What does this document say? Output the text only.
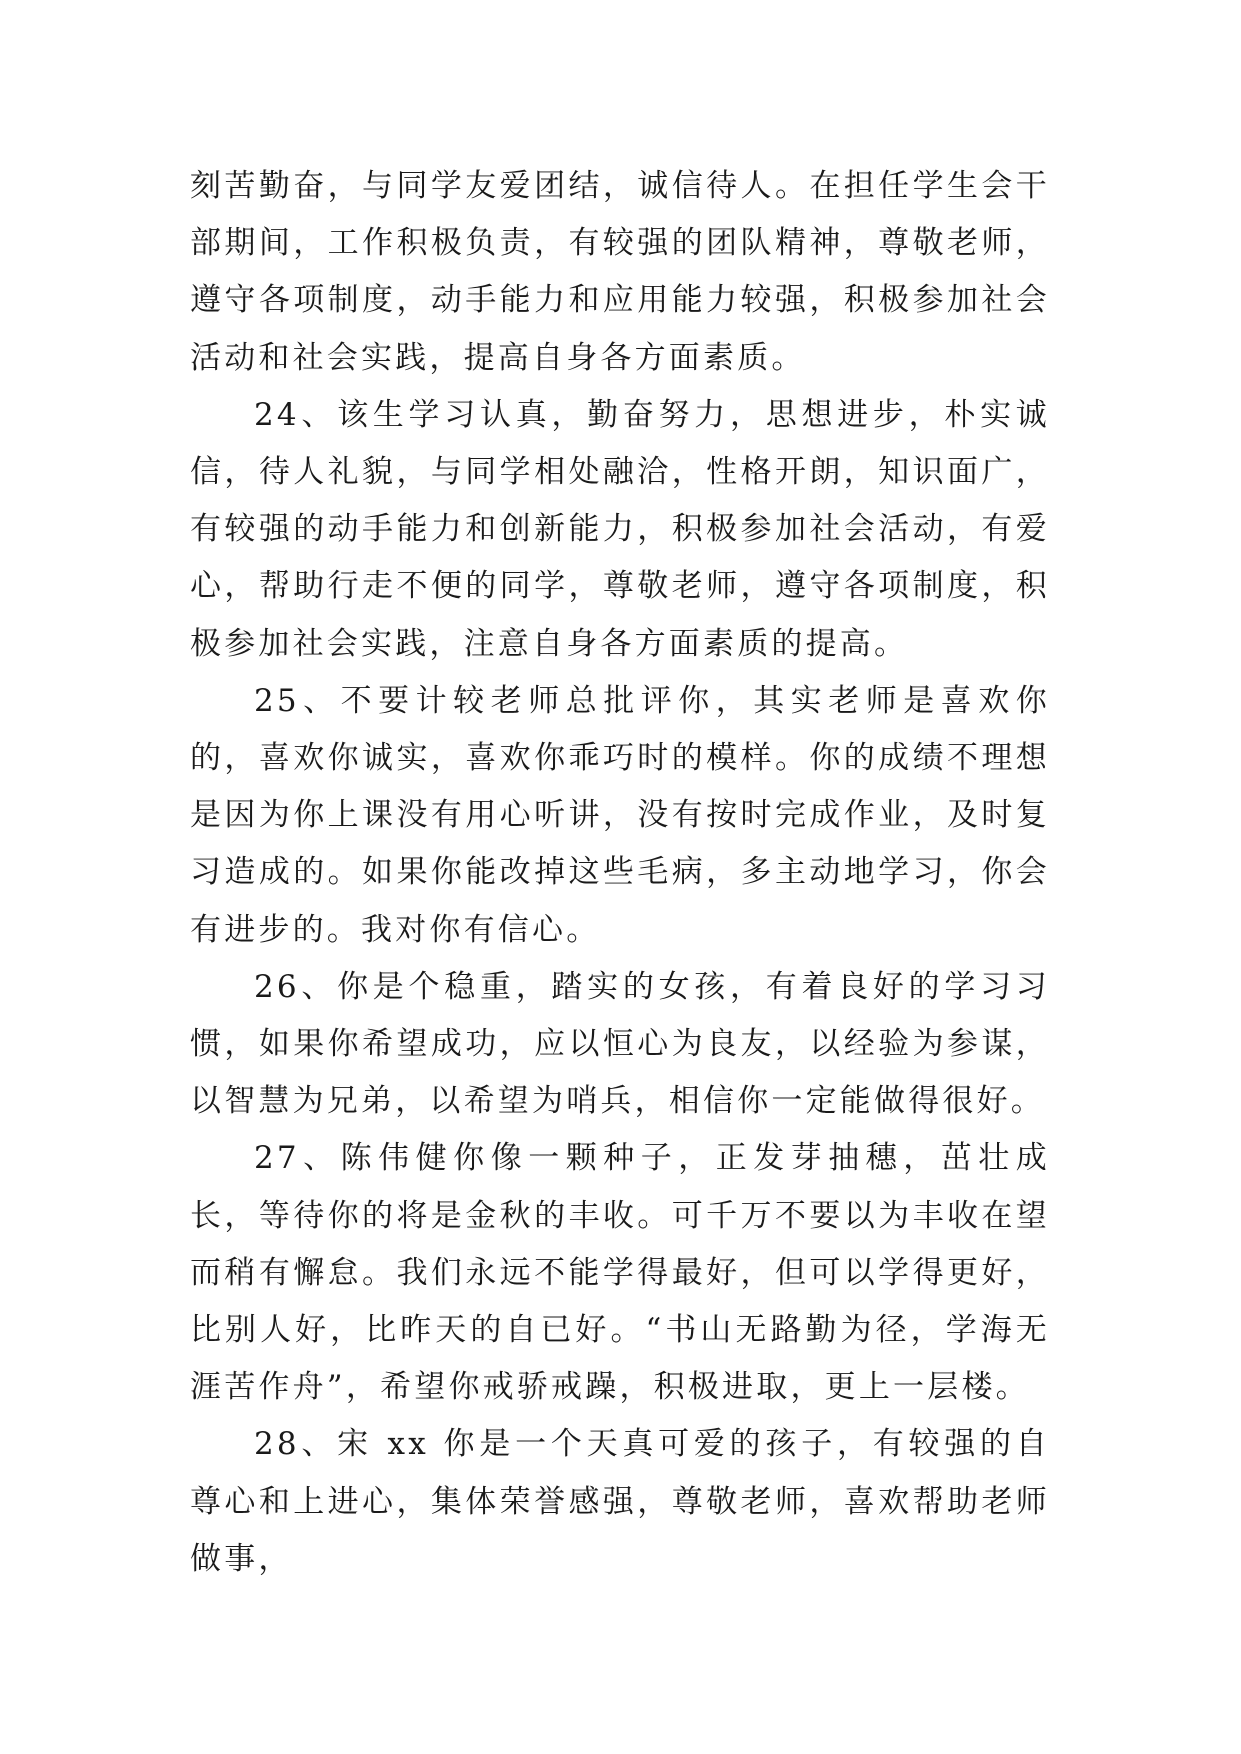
刻苦勤奋，与同学友爱团结，诚信待人。在担任学生会干部期间，工作积极负责，有较强的团队精神，尊敬老师，遵守各项制度，动手能力和应用能力较强，积极参加社会活动和社会实践，提高自身各方面素质。

24、该生学习认真，勤奋努力，思想进步，朴实诚信，待人礼貌，与同学相处融洽，性格开朗，知识面广，有较强的动手能力和创新能力，积极参加社会活动，有爱心，帮助行走不便的同学，尊敬老师，遵守各项制度，积极参加社会实践，注意自身各方面素质的提高。

25、不要计较老师总批评你，其实老师是喜欢你的，喜欢你诚实，喜欢你乖巧时的模样。你的成绩不理想是因为你上课没有用心听讲，没有按时完成作业，及时复习造成的。如果你能改掉这些毛病，多主动地学习，你会有进步的。我对你有信心。

26、你是个稳重，踏实的女孩，有着良好的学习习惯，如果你希望成功，应以恒心为良友，以经验为参谋，以智慧为兄弟，以希望为哨兵，相信你一定能做得很好。

27、陈伟健你像一颗种子，正发芽抽穗，茁壮成长，等待你的将是金秋的丰收。可千万不要以为丰收在望而稍有懈怠。我们永远不能学得最好，但可以学得更好，比别人好，比昨天的自已好。“书山无路勤为径，学海无涯苦作舟”，希望你戒骄戒躁，积极进取，更上一层楼。

28、宋 xx 你是一个天真可爱的孩子，有较强的自尊心和上进心，集体荣誉感强，尊敬老师，喜欢帮助老师做事，
